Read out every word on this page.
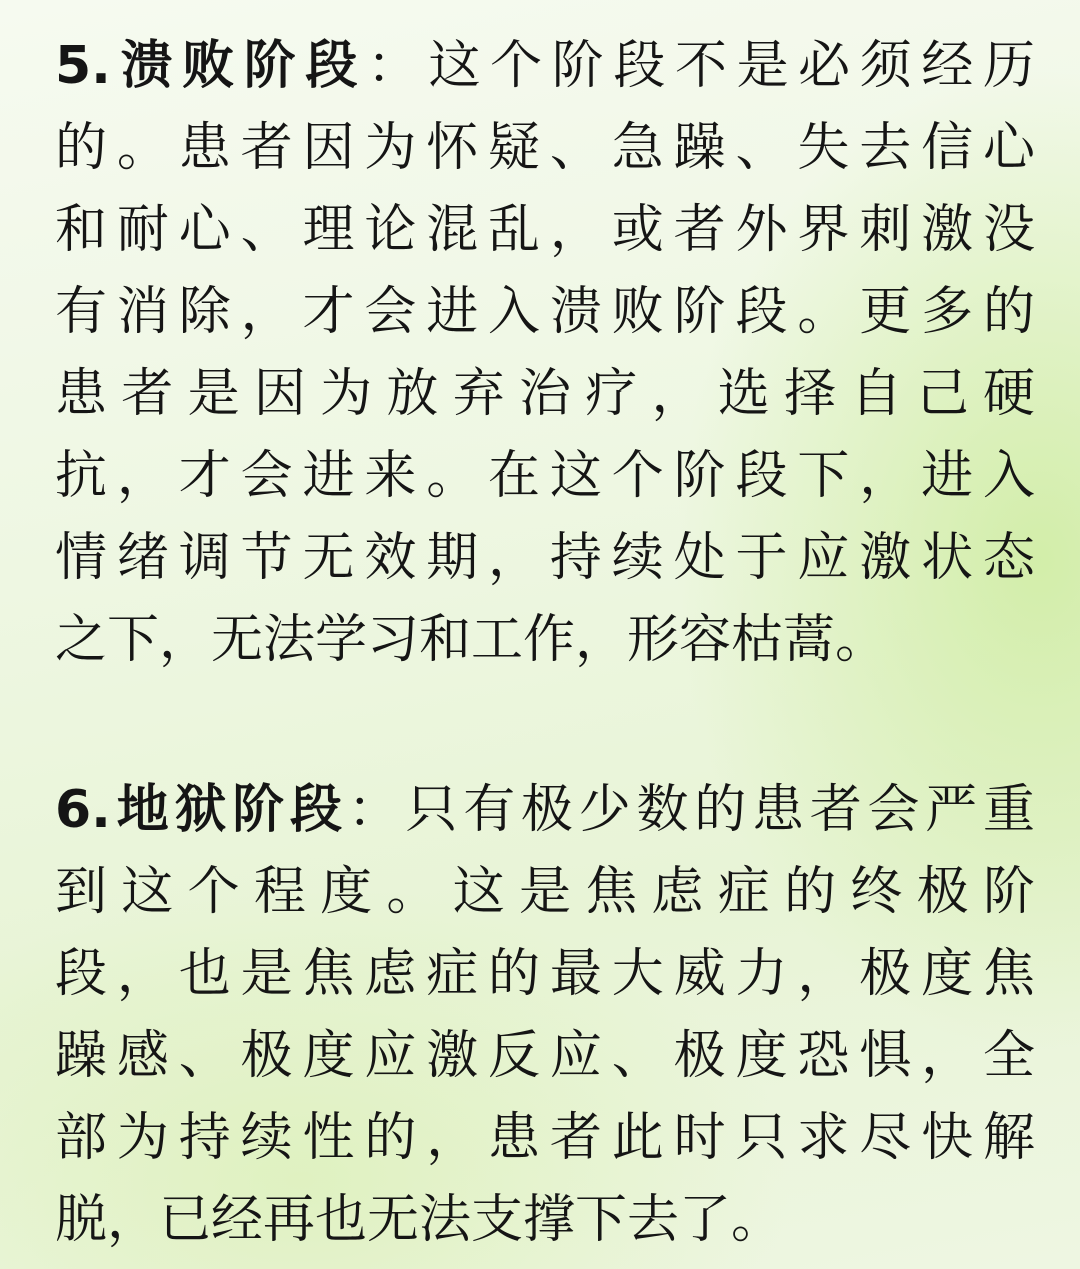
5.溃败阶段：这个阶段不是必须经历
的。患者因为怀疑、急躁、失去信心
和耐心、理论混乱，或者外界刺激没
有消除，才会进入溃败阶段。更多的
患者是因为放弃治疗，选择自己硬
抗，才会进来。在这个阶段下，进入
情绪调节无效期，持续处于应激状态
之下，无法学习和工作，形容枯蒿。
6.地狱阶段：只有极少数的患者会严重
到这个程度。这是焦虑症的终极阶
段，也是焦虑症的最大威力，极度焦
躁感、极度应激反应、极度恐惧，全
部为持续性的，患者此时只求尽快解
脱，已经再也无法支撑下去了。
